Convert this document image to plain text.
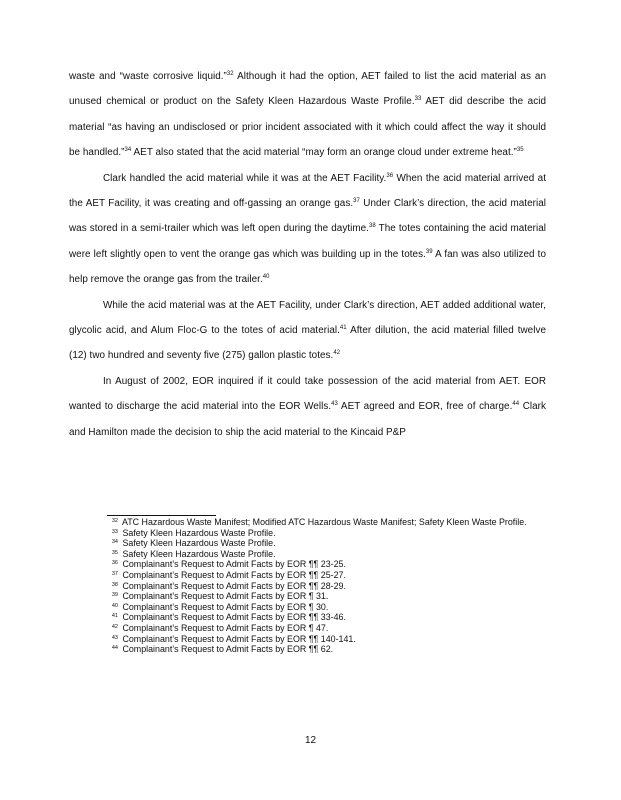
waste and “waste corrosive liquid.”$^{32}$ Although it had the option, AET failed to list the acid material as an unused chemical or product on the Safety Kleen Hazardous Waste Profile.$^{33}$ AET did describe the acid material “as having an undisclosed or prior incident associated with it which could affect the way it should be handled.”$^{34}$ AET also stated that the acid material “may form an orange cloud under extreme heat.”$^{35}$

Clark handled the acid material while it was at the AET Facility.$^{36}$ When the acid material arrived at the AET Facility, it was creating and off-gassing an orange gas.$^{37}$ Under Clark’s direction, the acid material was stored in a semi-trailer which was left open during the daytime.$^{38}$ The totes containing the acid material were left slightly open to vent the orange gas which was building up in the totes.$^{39}$ A fan was also utilized to help remove the orange gas from the trailer.$^{40}$

While the acid material was at the AET Facility, under Clark’s direction, AET added additional water, glycolic acid, and Alum Floc-G to the totes of acid material.$^{41}$ After dilution, the acid material filled twelve (12) two hundred and seventy five (275) gallon plastic totes.$^{42}$

In August of 2002, EOR inquired if it could take possession of the acid material from AET. EOR wanted to discharge the acid material into the EOR Wells.$^{43}$ AET agreed and EOR, free of charge.$^{44}$ Clark and Hamilton made the decision to ship the acid material to the Kincaid P&P

32 ATC Hazardous Waste Manifest; Modified ATC Hazardous Waste Manifest; Safety Kleen Waste Profile.
33 Safety Kleen Hazardous Waste Profile.
34 Safety Kleen Hazardous Waste Profile.
35 Safety Kleen Hazardous Waste Profile.
36 Complainant’s Request to Admit Facts by EOR ¶¶ 23-25.
37 Complainant’s Request to Admit Facts by EOR ¶¶ 25-27.
38 Complainant’s Request to Admit Facts by EOR ¶¶ 28-29.
39 Complainant’s Request to Admit Facts by EOR ¶ 31.
40 Complainant’s Request to Admit Facts by EOR ¶ 30.
41 Complainant’s Request to Admit Facts by EOR ¶¶ 33-46.
42 Complainant’s Request to Admit Facts by EOR ¶ 47.
43 Complainant’s Request to Admit Facts by EOR ¶¶ 140-141.
44 Complainant’s Request to Admit Facts by EOR ¶¶ 62.
12
